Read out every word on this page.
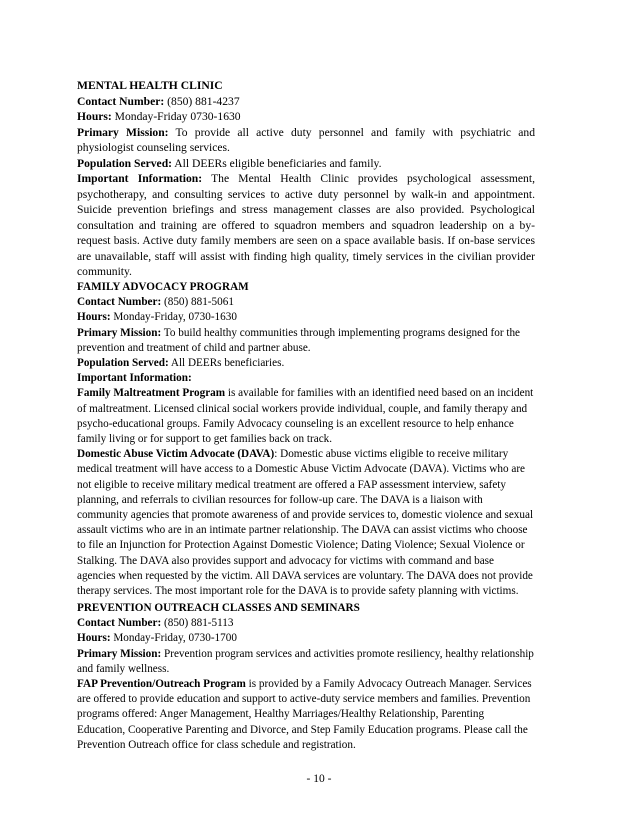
MENTAL HEALTH CLINIC

Contact Number: (850) 881-4237

Hours: Monday-Friday 0730-1630

Primary Mission: To provide all active duty personnel and family with psychiatric and physiologist counseling services.

Population Served: All DEERs eligible beneficiaries and family.

Important Information: The Mental Health Clinic provides psychological assessment, psychotherapy, and consulting services to active duty personnel by walk-in and appointment. Suicide prevention briefings and stress management classes are also provided. Psychological consultation and training are offered to squadron members and squadron leadership on a by-request basis. Active duty family members are seen on a space available basis. If on-base services are unavailable, staff will assist with finding high quality, timely services in the civilian provider community.

FAMILY ADVOCACY PROGRAM

Contact Number: (850) 881-5061

Hours: Monday-Friday, 0730-1630

Primary Mission: To build healthy communities through implementing programs designed for the prevention and treatment of child and partner abuse.

Population Served: All DEERs beneficiaries.

Important Information:

Family Maltreatment Program is available for families with an identified need based on an incident of maltreatment. Licensed clinical social workers provide individual, couple, and family therapy and psycho-educational groups. Family Advocacy counseling is an excellent resource to help enhance family living or for support to get families back on track.

Domestic Abuse Victim Advocate (DAVA): Domestic abuse victims eligible to receive military medical treatment will have access to a Domestic Abuse Victim Advocate (DAVA). Victims who are not eligible to receive military medical treatment are offered a FAP assessment interview, safety planning, and referrals to civilian resources for follow-up care. The DAVA is a liaison with community agencies that promote awareness of and provide services to, domestic violence and sexual assault victims who are in an intimate partner relationship. The DAVA can assist victims who choose to file an Injunction for Protection Against Domestic Violence; Dating Violence; Sexual Violence or Stalking. The DAVA also provides support and advocacy for victims with command and base agencies when requested by the victim. All DAVA services are voluntary. The DAVA does not provide therapy services. The most important role for the DAVA is to provide safety planning with victims.

PREVENTION OUTREACH CLASSES AND SEMINARS

Contact Number: (850) 881-5113

Hours: Monday-Friday, 0730-1700

Primary Mission: Prevention program services and activities promote resiliency, healthy relationship and family wellness.

FAP Prevention/Outreach Program is provided by a Family Advocacy Outreach Manager. Services are offered to provide education and support to active-duty service members and families. Prevention programs offered: Anger Management, Healthy Marriages/Healthy Relationship, Parenting Education, Cooperative Parenting and Divorce, and Step Family Education programs. Please call the Prevention Outreach office for class schedule and registration.

- 10 -
